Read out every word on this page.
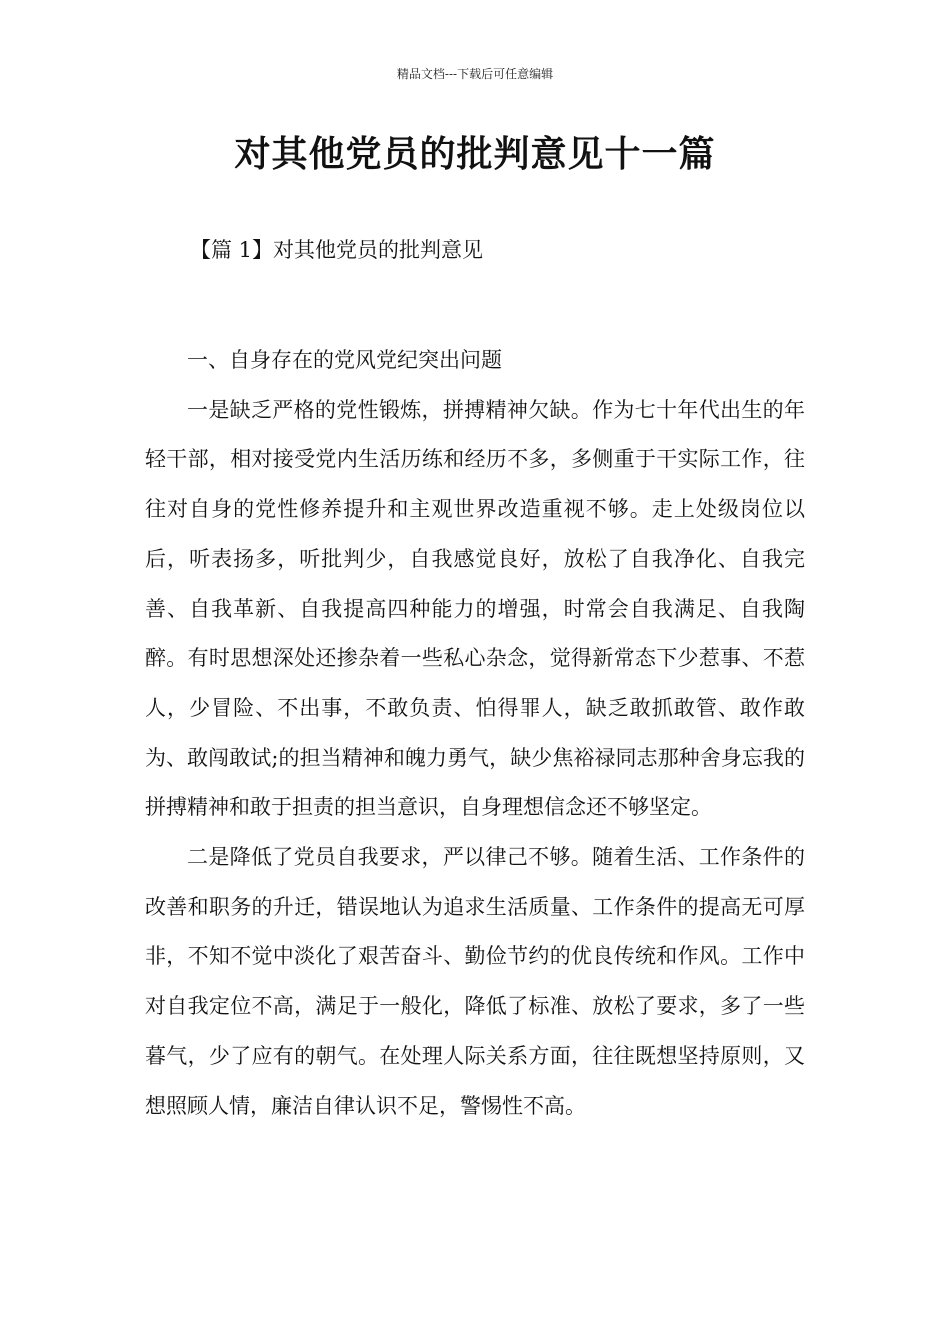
精品文档---下载后可任意编辑
对其他党员的批判意见十一篇
【篇 1】对其他党员的批判意见

一、自身存在的党风党纪突出问题

一是缺乏严格的党性锻炼，拼搏精神欠缺。作为七十年代出生的年轻干部，相对接受党内生活历练和经历不多，多侧重于干实际工作，往往对自身的党性修养提升和主观世界改造重视不够。走上处级岗位以后，听表扬多，听批判少，自我感觉良好，放松了自我净化、自我完善、自我革新、自我提高四种能力的增强，时常会自我满足、自我陶醉。有时思想深处还掺杂着一些私心杂念，觉得新常态下少惹事、不惹人，少冒险、不出事，不敢负责、怕得罪人，缺乏敢抓敢管、敢作敢为、敢闯敢试;的担当精神和魄力勇气，缺少焦裕禄同志那种舍身忘我的拼搏精神和敢于担责的担当意识，自身理想信念还不够坚定。

二是降低了党员自我要求，严以律己不够。随着生活、工作条件的改善和职务的升迁，错误地认为追求生活质量、工作条件的提高无可厚非，不知不觉中淡化了艰苦奋斗、勤俭节约的优良传统和作风。工作中对自我定位不高，满足于一般化，降低了标准、放松了要求，多了一些暮气，少了应有的朝气。在处理人际关系方面，往往既想坚持原则，又想照顾人情，廉洁自律认识不足，警惕性不高。
